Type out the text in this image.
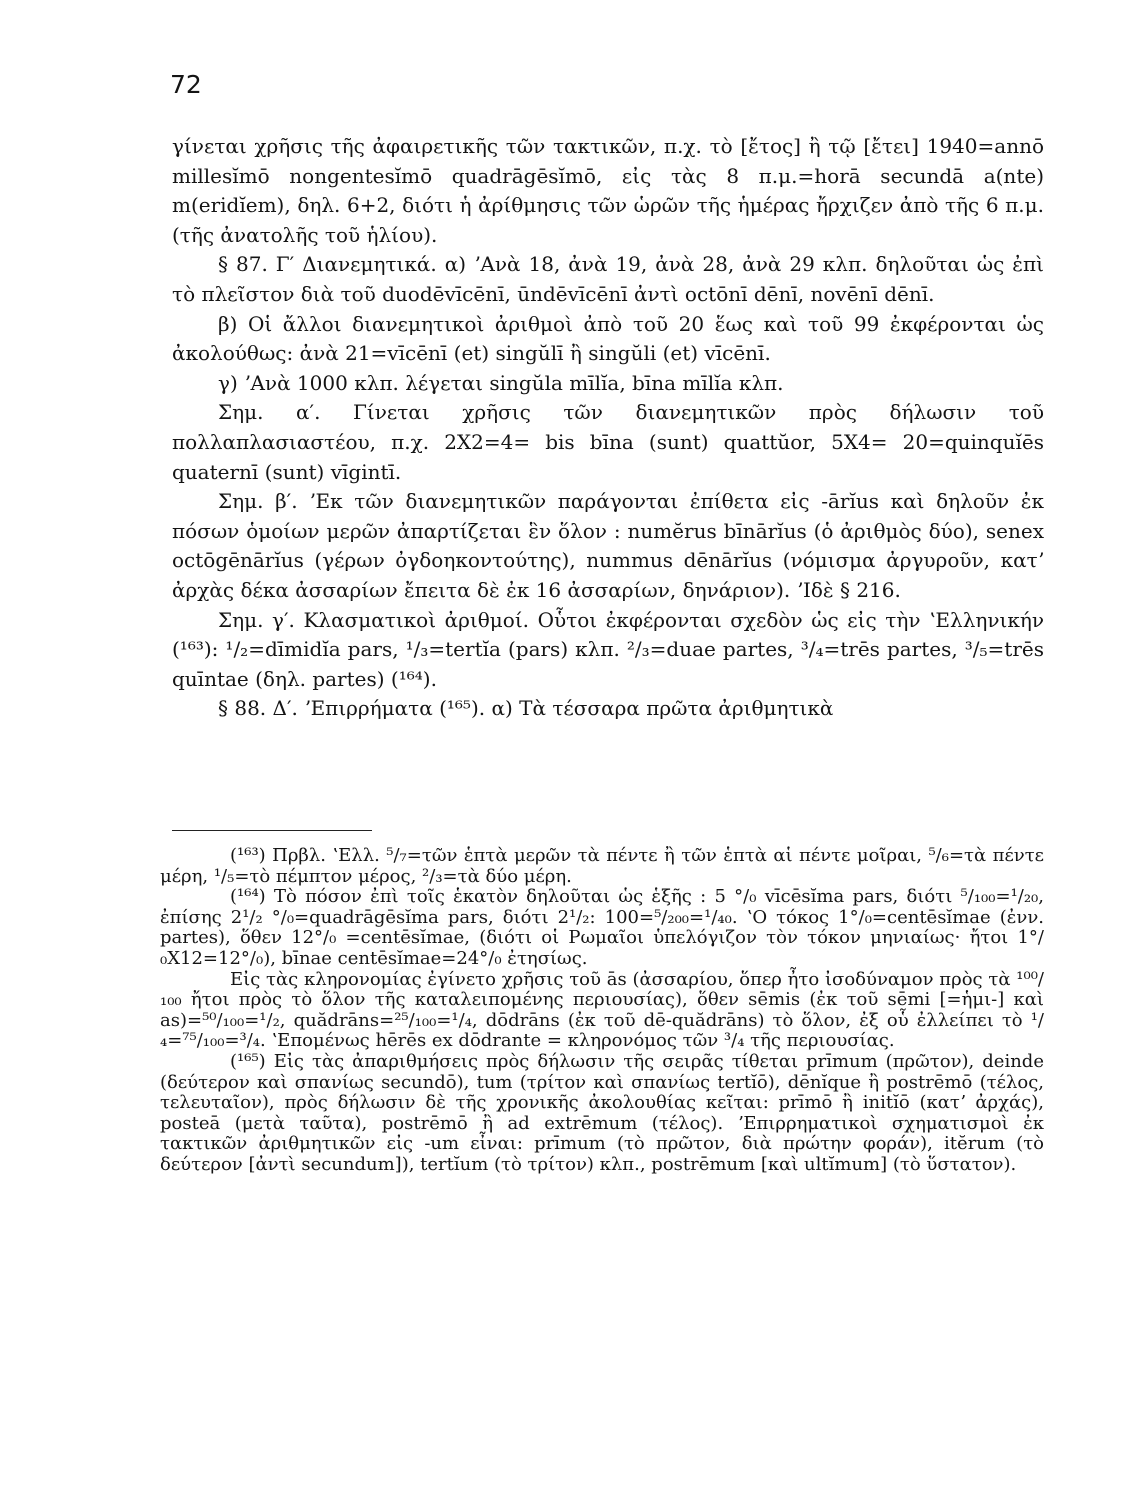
72

γίνεται χρῆσις τῆς ἀφαιρετικῆς τῶν τακτικῶν, π.χ. τὸ [ἔτος] ἢ τῷ [ἔτει] 1940=annō millesĭmō nongentesĭmō quadrāgēsĭmō, εἰς τὰς 8 π.μ.=horā secundā a(nte) m(eridĭem), δηλ. 6+2, διότι ἡ ἀρίθμησις τῶν ὡρῶν τῆς ἡμέρας ἤρχιζεν ἀπὸ τῆς 6 π.μ. (τῆς ἀνατολῆς τοῦ ἡλίου).

§ 87. Γ′ Διανεμητικά. α) ʼΑνὰ 18, ἀνὰ 19, ἀνὰ 28, ἀνὰ 29 κλπ. δηλοῦται ὡς ἐπὶ τὸ πλεῖστον διὰ τοῦ duodēvīcēnī, ūndēvīcēnī ἀντὶ octōnī dēnī, novēnī dēnī.

β) Οἱ ἄλλοι διανεμητικοὶ ἀριθμοὶ ἀπὸ τοῦ 20 ἕως καὶ τοῦ 99 ἐκφέρονται ὡς ἀκολούθως: ἀνὰ 21=vīcēnī (et) singŭlī ἢ singŭli (et) vīcēnī.

γ) ʼΑνὰ 1000 κλπ. λέγεται singŭla mīlĭa, bīna mīlĭa κλπ.

Σημ. α′. Γίνεται χρῆσις τῶν διανεμητικῶν πρὸς δήλωσιν τοῦ πολλαπλασιαστέου, π.χ. 2X2=4= bis bīna (sunt) quattŭor, 5X4= 20=quinquĭēs quaternī (sunt) vīgintī.

Σημ. β′. ʼΕκ τῶν διανεμητικῶν παράγονται ἐπίθετα εἰς -ārĭus καὶ δηλοῦν ἐκ πόσων ὁμοίων μερῶν ἀπαρτίζεται ἓν ὅλον : numĕrus bīnārĭus (ὁ ἀριθμὸς δύο), senex octōgēnārĭus (γέρων ὀγδοηκοντούτης), nummus dēnārĭus (νόμισμα ἀργυροῦν, κατʼ ἀρχὰς δέκα ἀσσαρίων ἔπειτα δὲ ἐκ 16 ἀσσαρίων, δηνάριον). ʼΙδὲ § 216.

Σημ. γ′. Κλασματικοὶ ἀριθμοί. Οὗτοι ἐκφέρονται σχεδὸν ὡς εἰς τὴν ʽΕλληνικήν (¹⁶³): ¹/₂=dīmidĭa pars, ¹/₃=tertĭa (pars) κλπ. ²/₃=duae partes, ³/₄=trēs partes, ³/₅=trēs quīntae (δηλ. partes) (¹⁶⁴).

§ 88. Δ′. ʼΕπιρρήματα (¹⁶⁵). α) Τὰ τέσσαρα πρῶτα ἀριθμητικὰ

(¹⁶³) Πρβλ. ʽΕλλ. ⁵/₇=τῶν ἑπτὰ μερῶν τὰ πέντε ἢ τῶν ἑπτὰ αἱ πέντε μοῖραι, ⁵/₆=τὰ πέντε μέρη, ¹/₅=τὸ πέμπτον μέρος, ²/₃=τὰ δύο μέρη.

(¹⁶⁴) Τὸ πόσον ἐπὶ τοῖς ἑκατὸν δηλοῦται ὡς ἑξῆς : 5 °/₀ vīcēsĭma pars, διότι ⁵/₁₀₀=¹/₂₀, ἐπίσης 2¹/₂ °/₀=quadrāgēsĭma pars, διότι 2¹/₂: 100=⁵/₂₀₀=¹/₄₀. ʽΟ τόκος 1°/₀=centēsĭmae (ἐνν. partes), ὅθεν 12°/₀ =centēsĭmae, (διότι οἱ Ρωμαῖοι ὑπελόγιζον τὸν τόκον μηνιαίως· ἤτοι 1°/₀X12=12°/₀), bīnae centēsĭmae=24°/₀ ἐτησίως.

Εἰς τὰς κληρονομίας ἐγίνετο χρῆσις τοῦ ās (ἀσσαρίου, ὅπερ ἦτο ἰσοδύναμον πρὸς τὰ ¹⁰⁰/₁₀₀ ἤτοι πρὸς τὸ ὅλον τῆς καταλειπομένης περιουσίας), ὅθεν sēmis (ἐκ τοῦ sēmi [=ἡμι-] καὶ as)=⁵⁰/₁₀₀=¹/₂, quădrāns=²⁵/₁₀₀=¹/₄, dōdrāns (ἐκ τοῦ dē-quădrāns) τὸ ὅλον, ἐξ οὗ ἐλλείπει τὸ ¹/₄=⁷⁵/₁₀₀=³/₄. ʽΕπομένως hērēs ex dōdrante = κληρονόμος τῶν ³/₄ τῆς περιουσίας.

(¹⁶⁵) Εἰς τὰς ἀπαριθμήσεις πρὸς δήλωσιν τῆς σειρᾶς τίθεται prīmum (πρῶτον), deinde (δεύτερον καὶ σπανίως secundō), tum (τρίτον καὶ σπανίως tertĭō), dēnĭque ἢ postrēmō (τέλος, τελευταῖον), πρὸς δήλωσιν δὲ τῆς χρονικῆς ἀκολουθίας κεῖται: prīmō ἢ initĭō (κατʼ ἀρχάς), posteā (μετὰ ταῦτα), postrēmō ἢ ad extrēmum (τέλος). ʼΕπιρρηματικοὶ σχηματισμοὶ ἐκ τακτικῶν ἀριθμητικῶν εἰς -um εἶναι: prīmum (τὸ πρῶτον, διὰ πρώτην φοράν), itĕrum (τὸ δεύτερον [ἀντὶ secundum]), tertĭum (τὸ τρίτον) κλπ., postrēmum [καὶ ultĭmum] (τὸ ὕστατον).
